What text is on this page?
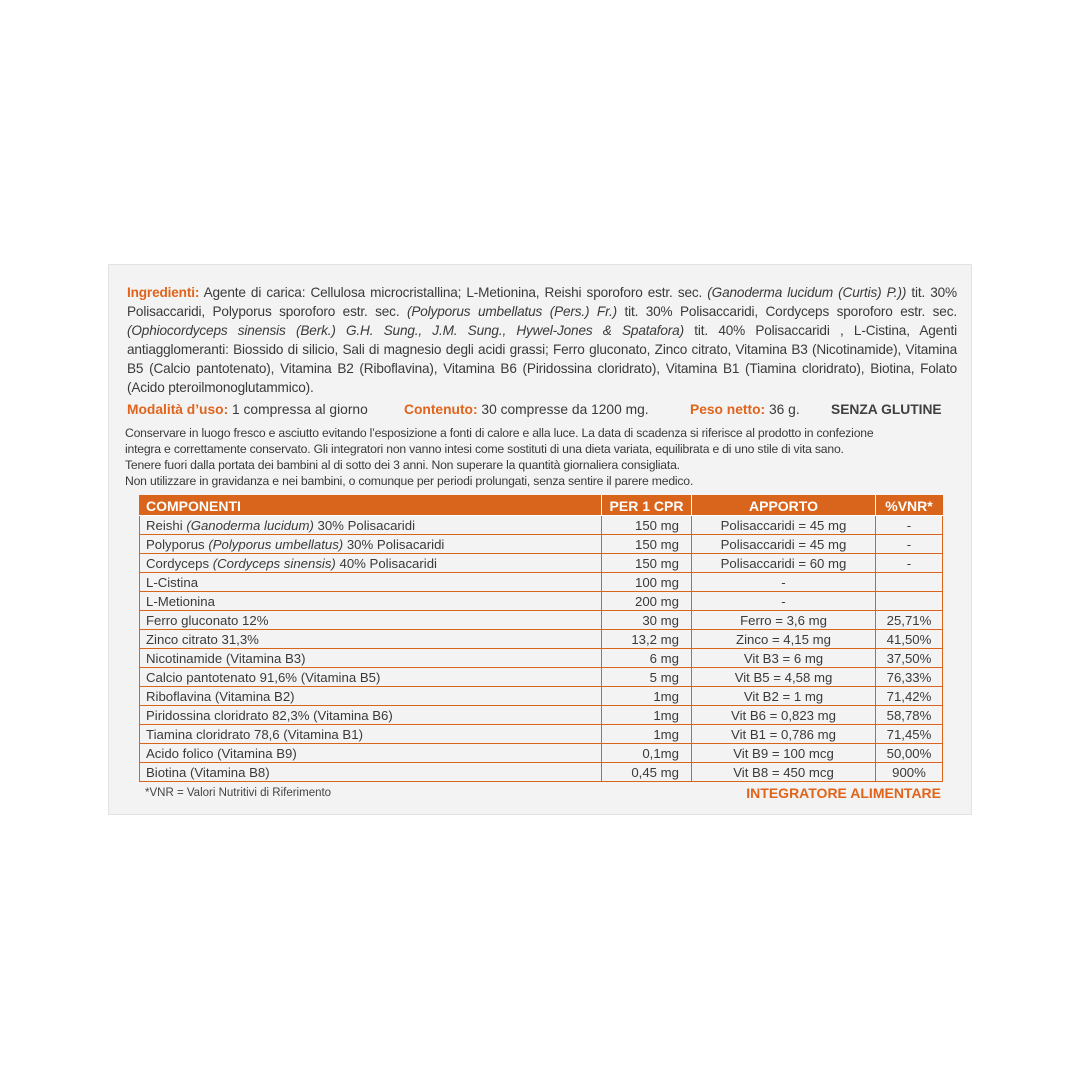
Ingredienti: Agente di carica: Cellulosa microcristallina; L-Metionina, Reishi sporoforo estr. sec. (Ganoderma lucidum (Curtis) P.)) tit. 30% Polisaccaridi, Polyporus sporoforo estr. sec. (Polyporus umbellatus (Pers.) Fr.) tit. 30% Polisaccaridi, Cordyceps sporoforo estr. sec. (Ophiocordyceps sinensis (Berk.) G.H. Sung., J.M. Sung., Hywel-Jones & Spatafora) tit. 40% Polisaccaridi , L-Cistina, Agenti antiagglomeranti: Biossido di silicio, Sali di magnesio degli acidi grassi; Ferro gluconato, Zinco citrato, Vitamina B3 (Nicotinamide), Vitamina B5 (Calcio pantotenato), Vitamina B2 (Riboflavina), Vitamina B6 (Piridossina cloridrato), Vitamina B1 (Tiamina cloridrato), Biotina, Folato (Acido pteroilmonoglutammico).
Modalità d’uso: 1 compressa al giorno	Contenuto: 30 compresse da 1200 mg.	Peso netto: 36 g. SENZA GLUTINE
Conservare in luogo fresco e asciutto evitando l’esposizione a fonti di calore e alla luce. La data di scadenza si riferisce al prodotto in confezione
integra e correttamente conservato. Gli integratori non vanno intesi come sostituti di una dieta variata, equilibrata e di uno stile di vita sano.
Tenere fuori dalla portata dei bambini al di sotto dei 3 anni. Non superare la quantità giornaliera consigliata.
Non utilizzare in gravidanza e nei bambini, o comunque per periodi prolungati, senza sentire il parere medico.
COMPONENTI	PER 1 CPR	APPORTO	%VNR*
Reishi (Ganoderma lucidum) 30% Polisacaridi	150 mg	Polisaccaridi = 45 mg	-
Polyporus (Polyporus umbellatus) 30% Polisacaridi	150 mg	Polisaccaridi = 45 mg	-
Cordyceps (Cordyceps sinensis) 40% Polisacaridi	150 mg	Polisaccaridi = 60 mg	-
L-Cistina	100 mg	-	
L-Metionina	200 mg	-	
Ferro gluconato 12%	30 mg	Ferro = 3,6 mg	25,71%
Zinco citrato 31,3%	13,2 mg	Zinco = 4,15 mg	41,50%
Nicotinamide (Vitamina B3)	6 mg	Vit B3 = 6 mg	37,50%
Calcio pantotenato 91,6% (Vitamina B5)	5 mg	Vit B5 = 4,58 mg	76,33%
Riboflavina (Vitamina B2)	1mg	Vit B2 = 1 mg	71,42%
Piridossina cloridrato 82,3% (Vitamina B6)	1mg	Vit B6 = 0,823 mg	58,78%
Tiamina cloridrato 78,6 (Vitamina B1)	1mg	Vit B1 = 0,786 mg	71,45%
Acido folico (Vitamina B9)	0,1mg	Vit B9 = 100 mcg	50,00%
Biotina (Vitamina B8)	0,45 mg	Vit B8 = 450 mcg	900%
*VNR = Valori Nutritivi di Riferimento	INTEGRATORE ALIMENTARE
